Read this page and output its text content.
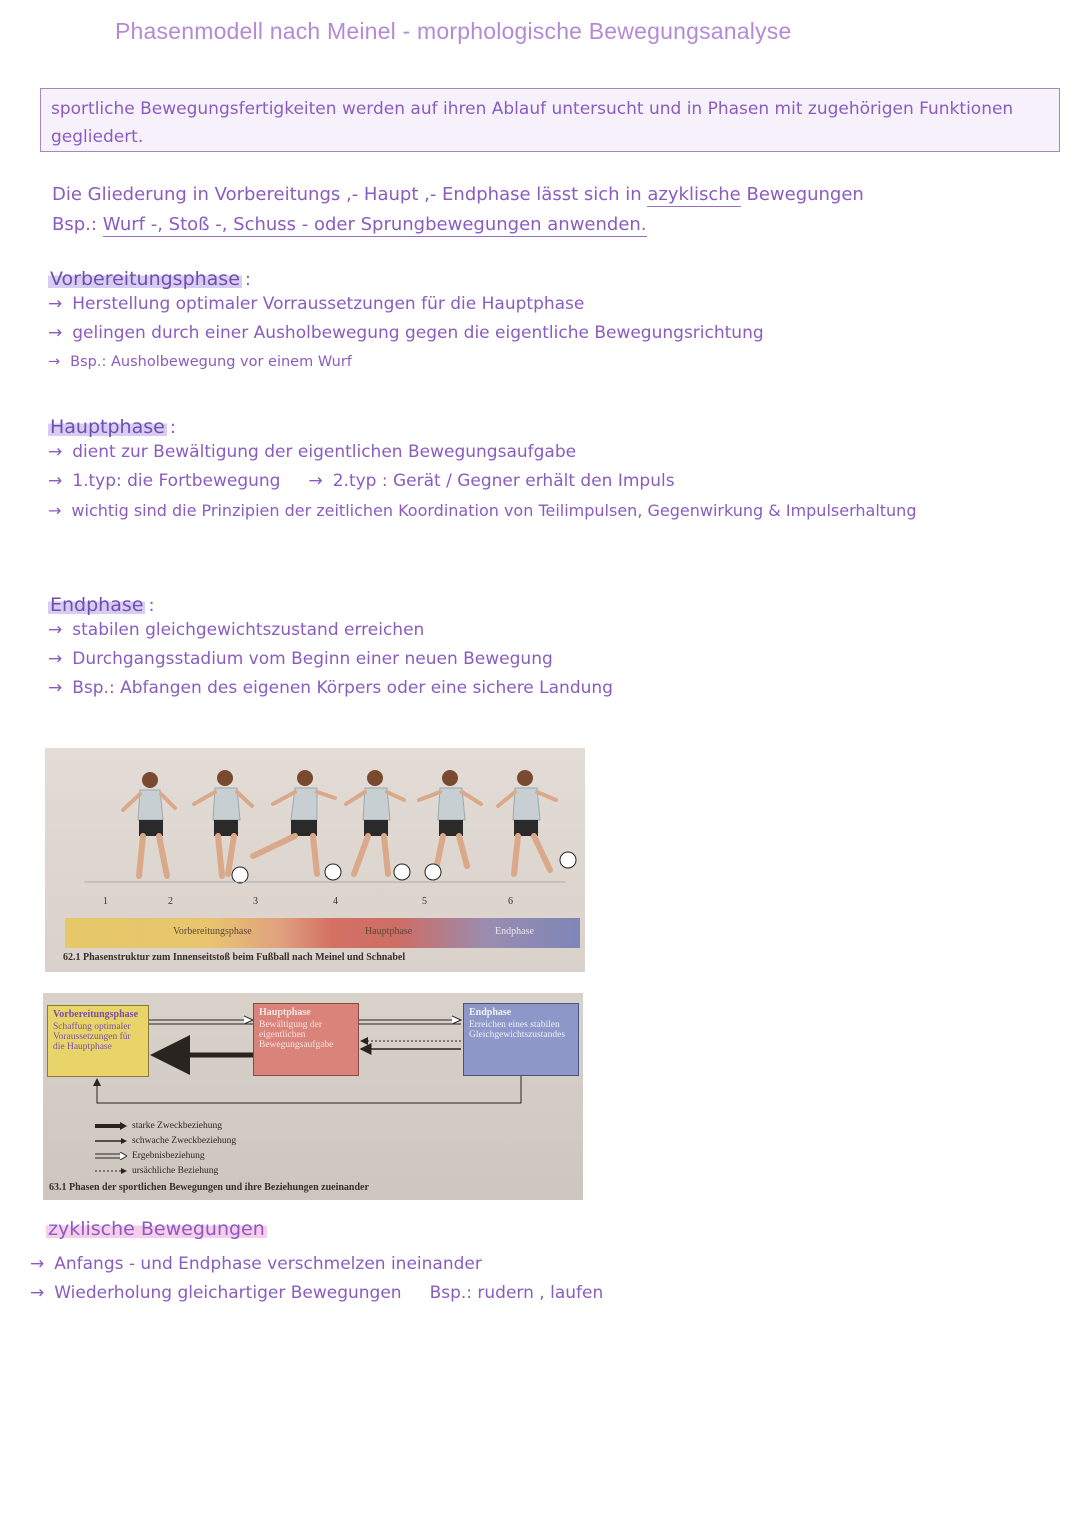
Phasenmodell nach Meinel - morphologische Bewegungsanalyse
sportliche Bewegungsfertigkeiten werden auf ihren Ablauf untersucht und in Phasen mit zugehörigen Funktionen gegliedert.
Die Gliederung in Vorbereitungs ,- Haupt ,- Endphase lässt sich in azyklische Bewegungen
Bsp.: Wurf -, Stoß -, Schuss - oder Sprungbewegungen anwenden.
Vorbereitungsphase :
→ Herstellung optimaler Vorraussetzungen für die Hauptphase
→ gelingen durch einer Ausholbewegung gegen die eigentliche Bewegungsrichtung
→ Bsp.: Ausholbewegung vor einem Wurf
Hauptphase :
→ dient zur Bewältigung der eigentlichen Bewegungsaufgabe
→ 1.typ: die Fortbewegung → 2.typ : Gerät / Gegner erhält den Impuls
→ wichtig sind die Prinzipien der zeitlichen Koordination von Teilimpulsen, Gegenwirkung & Impulserhaltung
Endphase :
→ stabilen gleichgewichtszustand erreichen
→ Durchgangsstadium vom Beginn einer neuen Bewegung
→ Bsp.: Abfangen des eigenen Körpers oder eine sichere Landung
1	2	3	4	5	6
Vorbereitungsphase	Hauptphase	Endphase
62.1 Phasenstruktur zum Innenseitstoß beim Fußball nach Meinel und Schnabel
Vorbereitungsphase
Schaffung optimaler Voraussetzungen für die Hauptphase
Hauptphase
Bewältigung der eigentlichen Bewegungsaufgabe
Endphase
Erreichen eines stabilen Gleichgewichtszustandes
starke Zweckbeziehung
schwache Zweckbeziehung
Ergebnisbeziehung
ursächliche Beziehung
63.1 Phasen der sportlichen Bewegungen und ihre Beziehungen zueinander
zyklische Bewegungen
→ Anfangs - und Endphase verschmelzen ineinander
→ Wiederholung gleichartiger Bewegungen Bsp.: rudern , laufen
